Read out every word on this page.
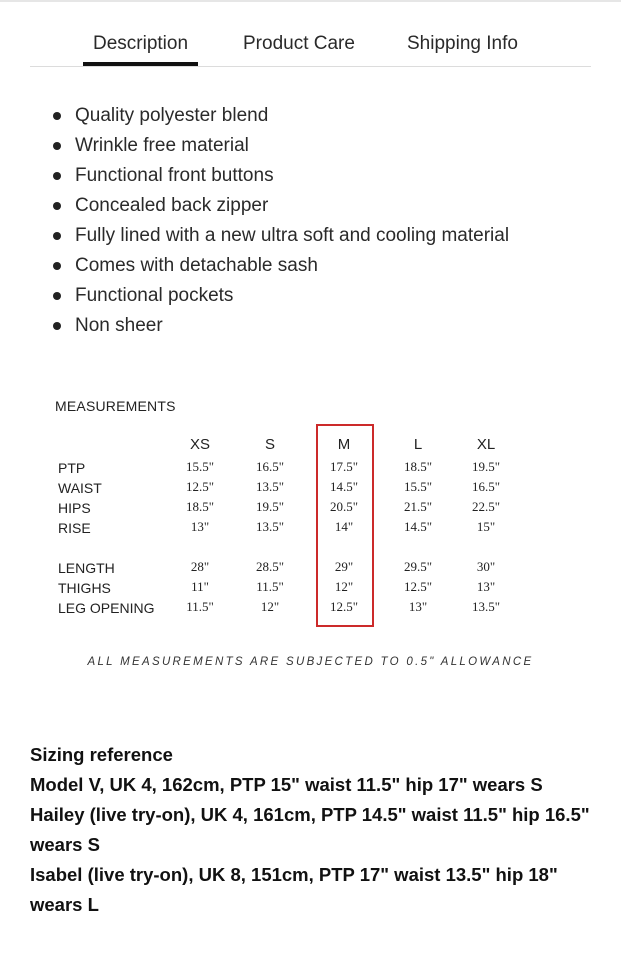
Description	Product Care	Shipping Info
Quality polyester blend
Wrinkle free material
Functional front buttons
Concealed back zipper
Fully lined with a new ultra soft and cooling material
Comes with detachable sash
Functional pockets
Non sheer
MEASUREMENTS
XS	S	M	L	XL
PTP	15.5"	16.5"	17.5"	18.5"	19.5"
WAIST	12.5"	13.5"	14.5"	15.5"	16.5"
HIPS	18.5"	19.5"	20.5"	21.5"	22.5"
RISE	13"	13.5"	14"	14.5"	15"
LENGTH	28"	28.5"	29"	29.5"	30"
THIGHS	11"	11.5"	12"	12.5"	13"
LEG OPENING	11.5"	12"	12.5"	13"	13.5"
ALL MEASUREMENTS ARE SUBJECTED TO 0.5" ALLOWANCE

Sizing reference

Model V, UK 4, 162cm, PTP 15" waist 11.5" hip 17" wears S

Hailey (live try-on), UK 4, 161cm, PTP 14.5" waist 11.5" hip 16.5" wears S

Isabel (live try-on), UK 8, 151cm, PTP 17" waist 13.5" hip 18" wears L
